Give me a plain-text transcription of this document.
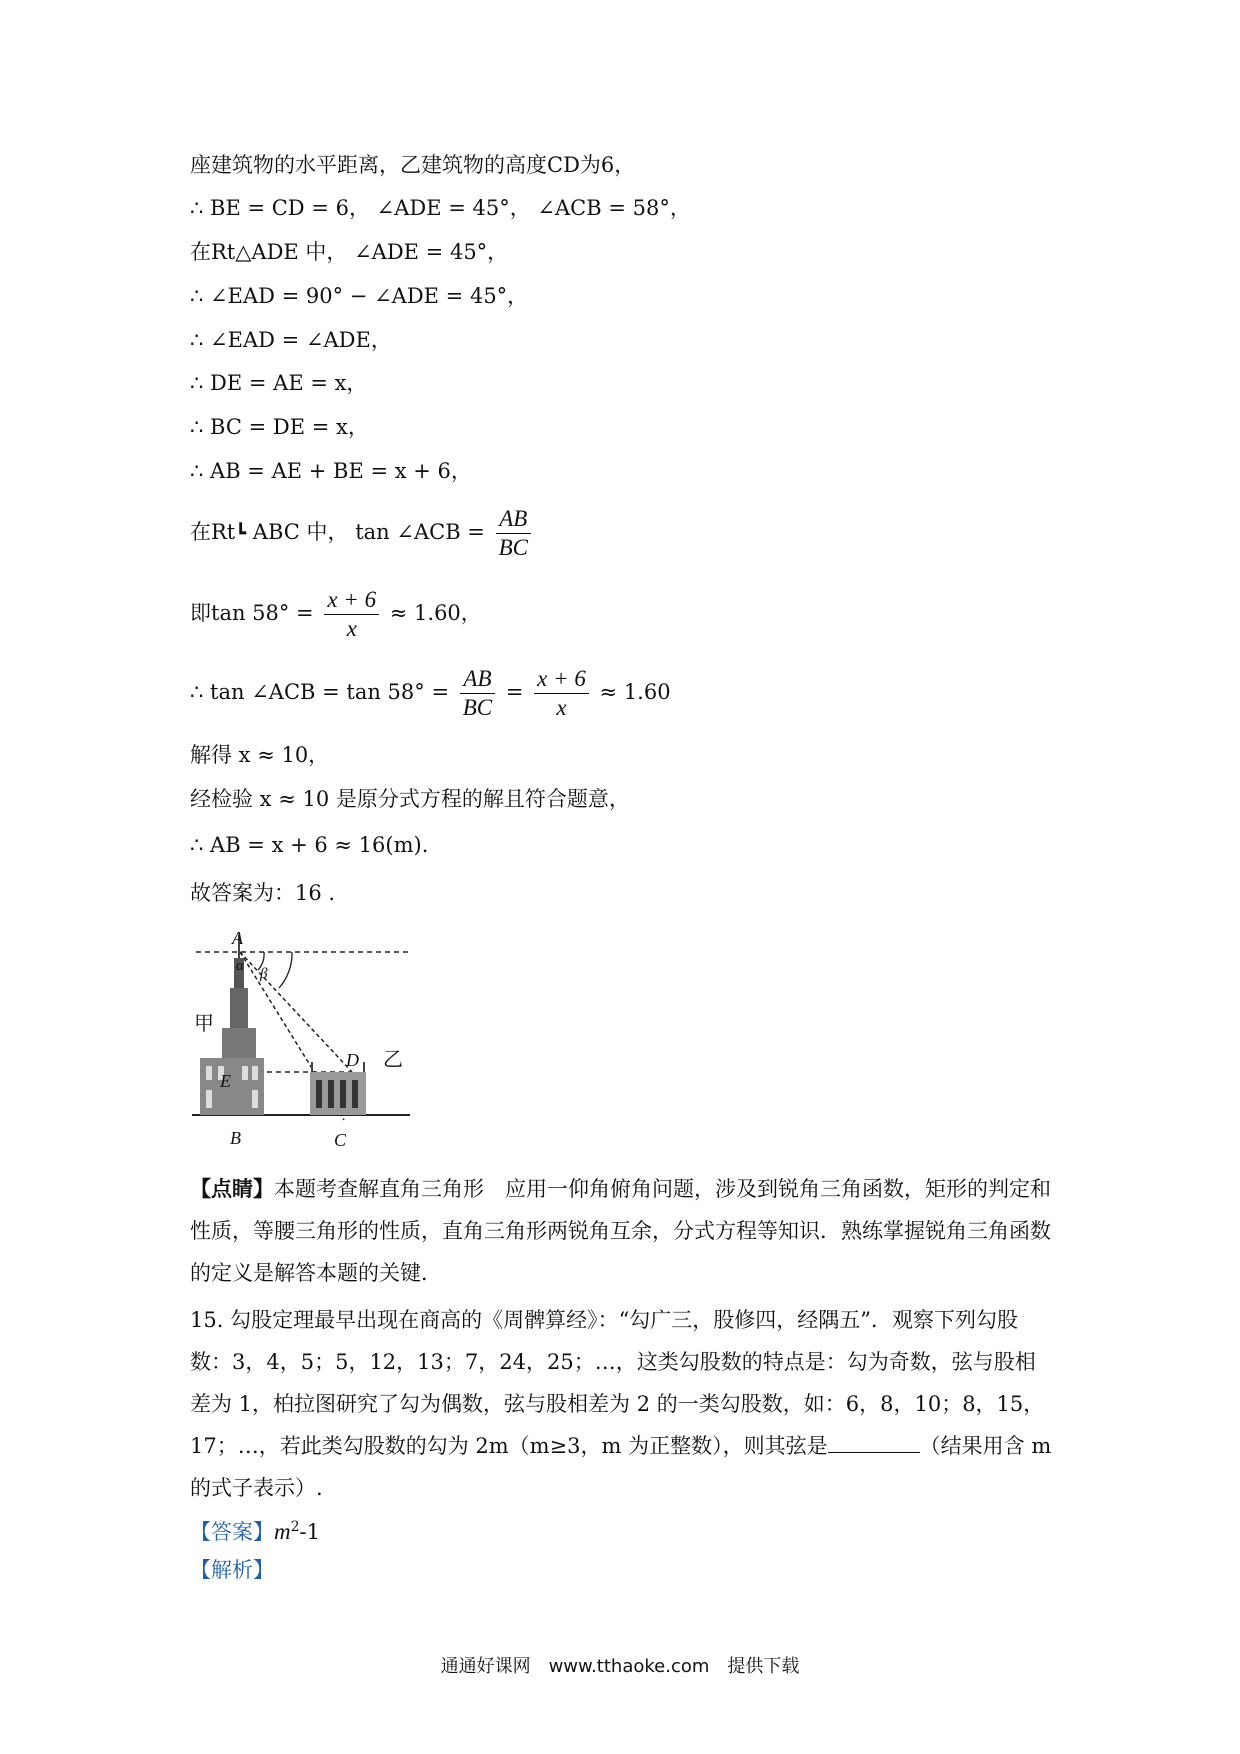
座建筑物的水平距离，乙建筑物的高度CD为6，
∴ BE = CD = 6， ∠ADE = 45°， ∠ACB = 58°，
在Rt△ADE 中， ∠ADE = 45°，
∴ ∠EAD = 90° − ∠ADE = 45°，
∴ ∠EAD = ∠ADE，
∴ DE = AE = x，
∴ BC = DE = x，
∴ AB = AE + BE = x + 6，
在Rt┗ ABC 中， tan ∠ACB = $\frac{AB}{BC}$
即$\tan 58^\circ = \frac{x + 6}{x} \approx 1.60$，
∴ tan ∠ACB = $\tan 58^\circ = \frac{AB}{BC} = \frac{x + 6}{x} \approx 1.60$
解得 x ≈ 10，
经检验 x ≈ 10 是原分式方程的解且符合题意，
∴ AB = x + 6 ≈ 16(m).
故答案为：16 .
A
α β
甲
E
D 乙
B	C
【点睛】本题考查解直角三角形　应用一仰角俯角问题，涉及到锐角三角函数，矩形的判定和性质，等腰三角形的性质，直角三角形两锐角互余，分式方程等知识．熟练掌握锐角三角函数的定义是解答本题的关键．
15. 勾股定理最早出现在商高的《周髀算经》：“勾广三，股修四，经隅五”．观察下列勾股数：3，4，5；5，12，13；7，24，25；…，这类勾股数的特点是：勾为奇数，弦与股相差为 1，柏拉图研究了勾为偶数，弦与股相差为 2 的一类勾股数，如：6，8，10；8，15，17；…，若此类勾股数的勾为 2m（m≥3，m 为正整数），则其弦是	（结果用含 m 的式子表示）.
【答案】$m^2-1$
【解析】
通通好课网　www.tthaoke.com　提供下载
